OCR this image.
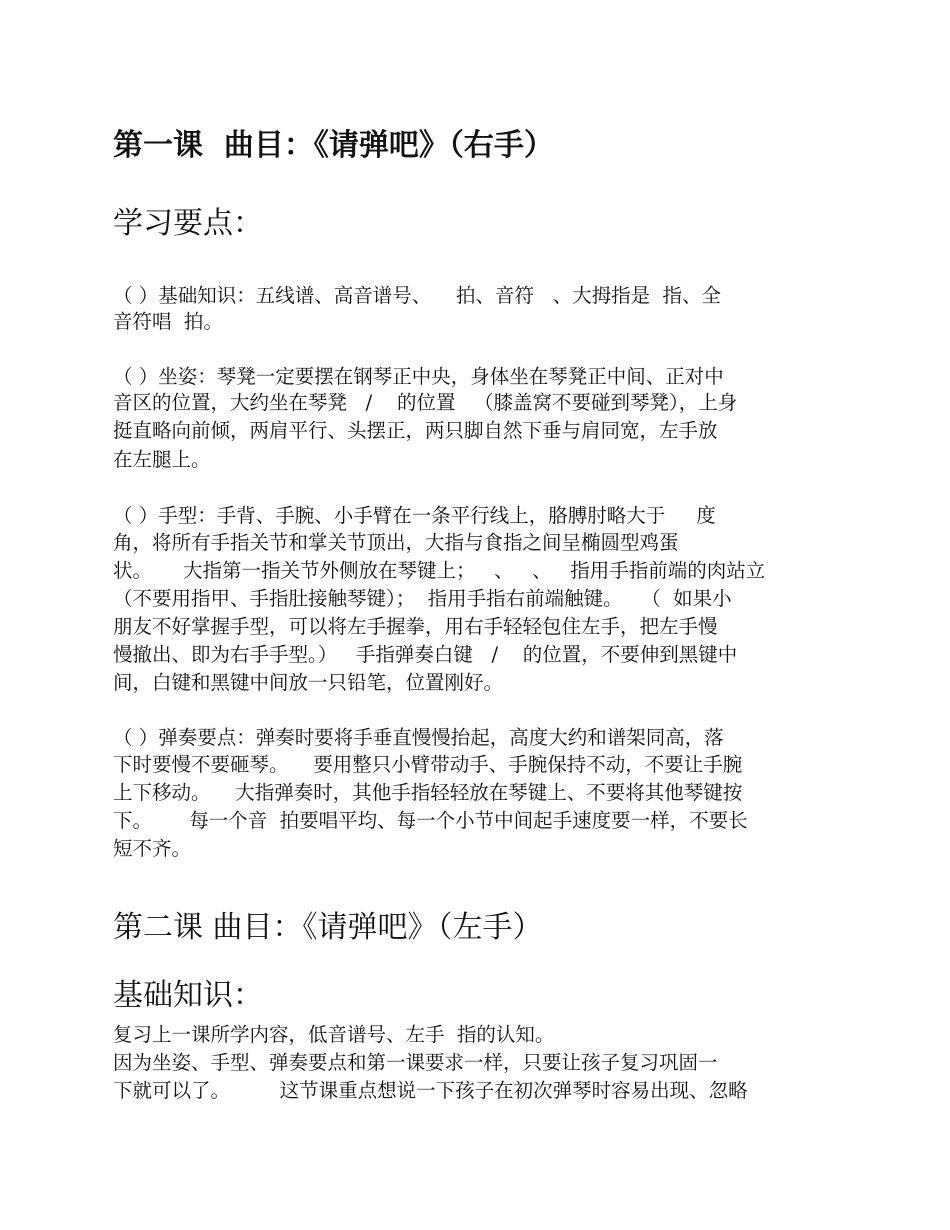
第一课  曲目：《请弹吧》（右手）
学习要点：

（ ）基础知识：五线谱、高音谱号、    拍、音符   、大拇指是  指、全

音符唱  拍。

（ ）坐姿：琴凳一定要摆在钢琴正中央，身体坐在琴凳正中间、正对中

音区的位置，大约坐在琴凳   /    的位置   （膝盖窝不要碰到琴凳），上身

挺直略向前倾，两肩平行、头摆正，两只脚自然下垂与肩同宽，左手放

在左腿上。

（ ）手型：手背、手腕、小手臂在一条平行线上，胳膊肘略大于     度

角，将所有手指关节和掌关节顶出，大指与食指之间呈椭圆型鸡蛋

状。     大指第一指关节外侧放在琴键上；   、   、   指用手指前端的肉站立

（不要用指甲、手指肚接触琴键）；  指用手指右前端触键。   （  如果小

朋友不好掌握手型，可以将左手握拳，用右手轻轻包住左手，把左手慢

慢撤出、即为右手手型。）   手指弹奏白键   /    的位置，不要伸到黑键中

间，白键和黑键中间放一只铅笔，位置刚好。

（ ）弹奏要点：弹奏时要将手垂直慢慢抬起，高度大约和谱架同高，落

下时要慢不要砸琴。    要用整只小臂带动手、手腕保持不动，不要让手腕

上下移动。    大指弹奏时，其他手指轻轻放在琴键上、不要将其他琴键按

下。      每一个音  拍要唱平均、每一个小节中间起手速度要一样，不要长

短不齐。

第二课 曲目：《请弹吧》（左手）
基础知识：

复习上一课所学内容，低音谱号、左手  指的认知。

因为坐姿、手型、弹奏要点和第一课要求一样，只要让孩子复习巩固一

下就可以了。        这节课重点想说一下孩子在初次弹琴时容易出现、忽略
